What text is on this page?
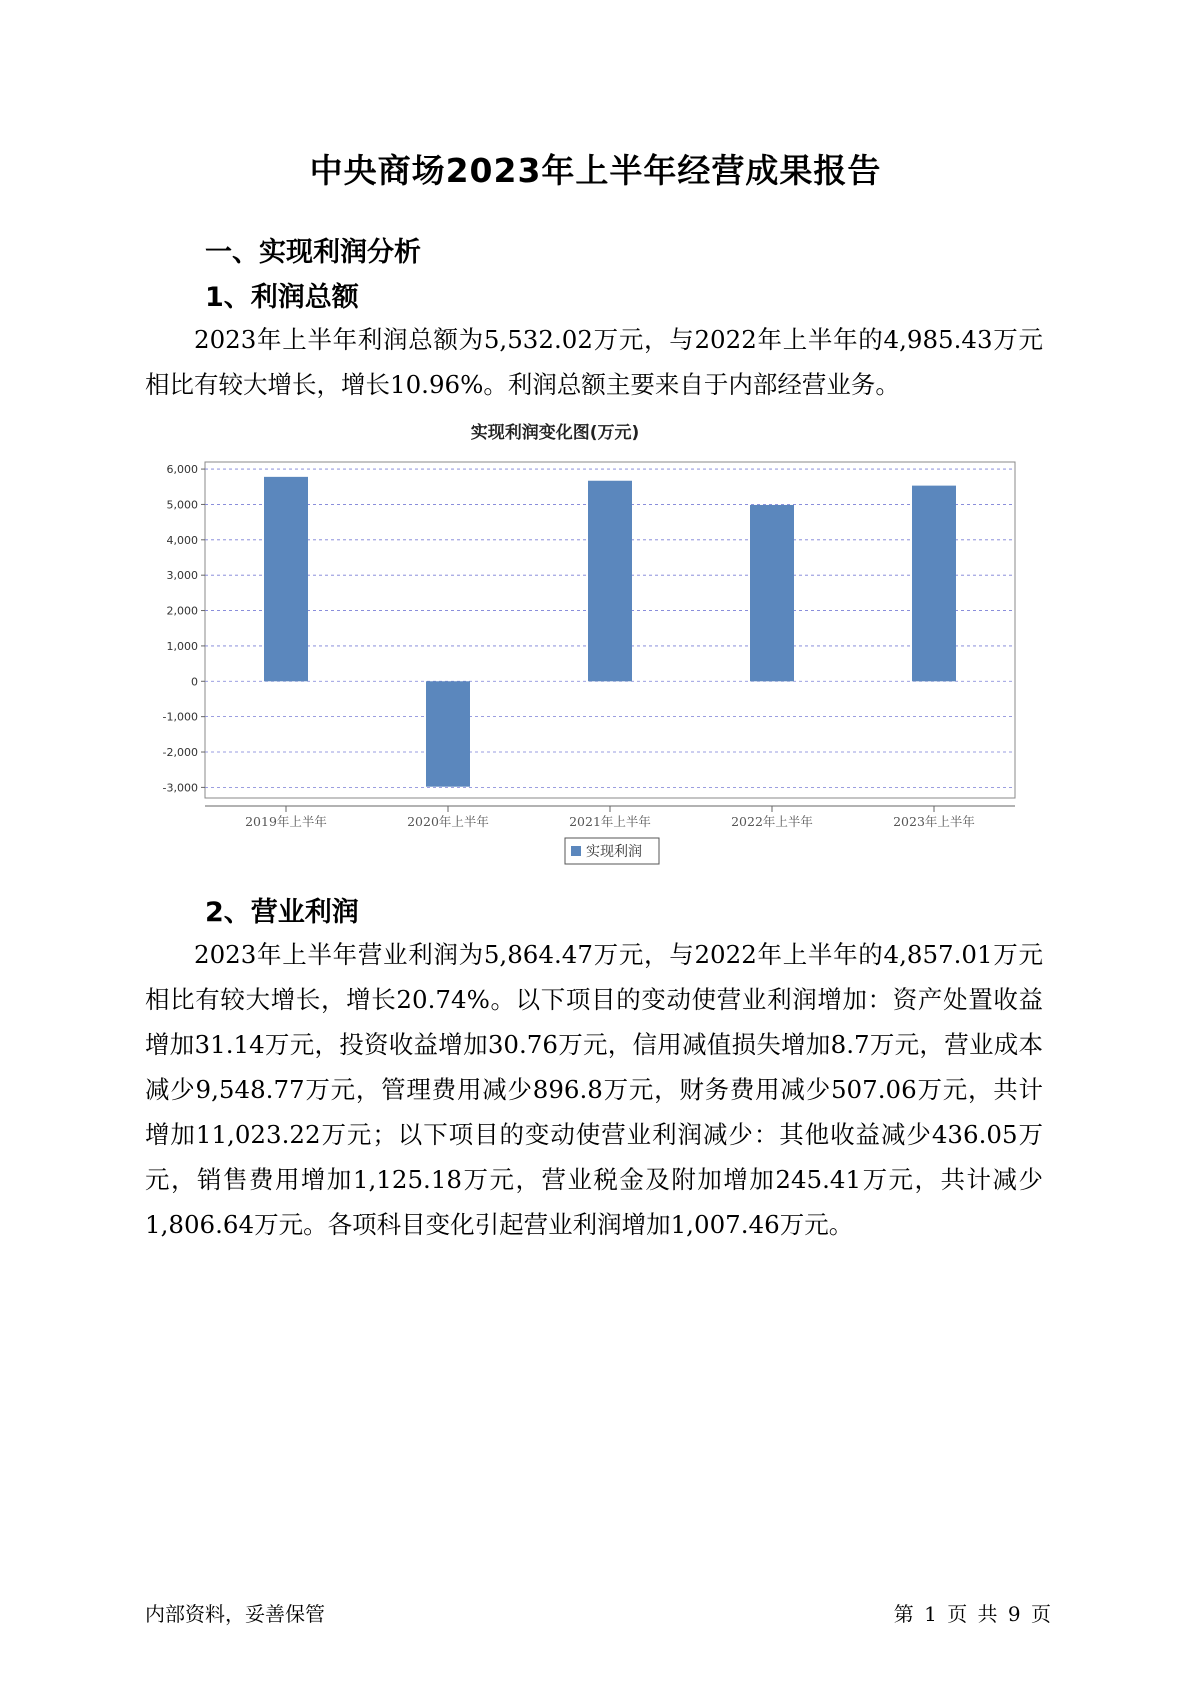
中央商场2023年上半年经营成果报告
一、实现利润分析
1、利润总额
2023年上半年利润总额为5,532.02万元，与2022年上半年的4,985.43万元相比有较大增长，增长10.96%。利润总额主要来自于内部经营业务。
实现利润变化图(万元)
6,000
5,000
4,000
3,000
2,000
1,000
0
-1,000
-2,000
-3,000
2019年上半年	2020年上半年	2021年上半年	2022年上半年	2023年上半年
实现利润
2、营业利润
2023年上半年营业利润为5,864.47万元，与2022年上半年的4,857.01万元相比有较大增长，增长20.74%。以下项目的变动使营业利润增加：资产处置收益增加31.14万元，投资收益增加30.76万元，信用减值损失增加8.7万元，营业成本减少9,548.77万元，管理费用减少896.8万元，财务费用减少507.06万元，共计增加11,023.22万元；以下项目的变动使营业利润减少：其他收益减少436.05万元，销售费用增加1,125.18万元，营业税金及附加增加245.41万元，共计减少1,806.64万元。各项科目变化引起营业利润增加1,007.46万元。
内部资料，妥善保管	第 1 页 共 9 页
